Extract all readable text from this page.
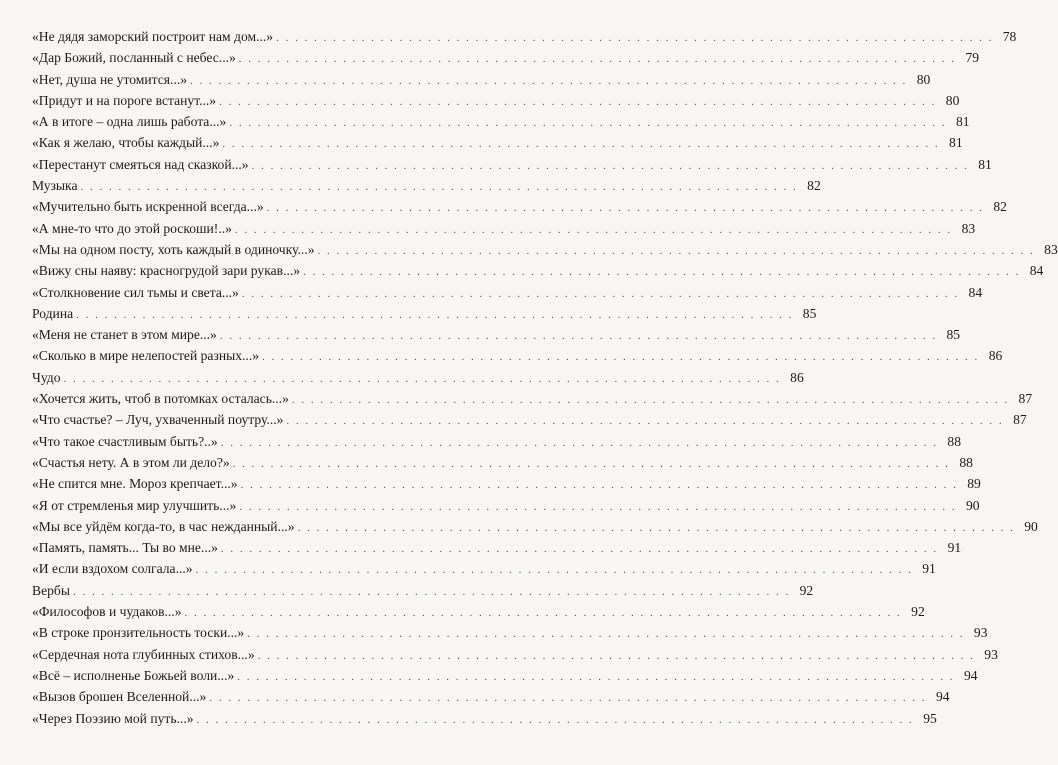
«Не дядя заморский построит нам дом...» . . . . . . . . . . . . . . . . . . . . . . . . . . . . . . . . . . . . . . . . . . . . . . . . . . . . . . . . . . . . . . . . . . . . . . . . . . . . 78
«Дар Божий, посланный с небес...» . . . . . . . . . . . . . . . . . . . . . . . . . . . . . . . . . . . . . . . . . . . . . . . . . . . . . . . . . . . . . . . . . . . . . . . . . . . . 79
«Нет, душа не утомится...» . . . . . . . . . . . . . . . . . . . . . . . . . . . . . . . . . . . . . . . . . . . . . . . . . . . . . . . . . . . . . . . . . . . . . . . . . . . . 80
«Придут и на пороге встанут...» . . . . . . . . . . . . . . . . . . . . . . . . . . . . . . . . . . . . . . . . . . . . . . . . . . . . . . . . . . . . . . . . . . . . . . . . . . . . 80
«А в итоге – одна лишь работа...» . . . . . . . . . . . . . . . . . . . . . . . . . . . . . . . . . . . . . . . . . . . . . . . . . . . . . . . . . . . . . . . . . . . . . . . . . . . . 81
«Как я желаю, чтобы каждый...» . . . . . . . . . . . . . . . . . . . . . . . . . . . . . . . . . . . . . . . . . . . . . . . . . . . . . . . . . . . . . . . . . . . . . . . . . . . . 81
«Перестанут смеяться над сказкой...» . . . . . . . . . . . . . . . . . . . . . . . . . . . . . . . . . . . . . . . . . . . . . . . . . . . . . . . . . . . . . . . . . . . . . . . . . . . . 81
Музыка . . . . . . . . . . . . . . . . . . . . . . . . . . . . . . . . . . . . . . . . . . . . . . . . . . . . . . . . . . . . . . . . . . . . . . . . . . . . 82
«Мучительно быть искренной всегда...» . . . . . . . . . . . . . . . . . . . . . . . . . . . . . . . . . . . . . . . . . . . . . . . . . . . . . . . . . . . . . . . . . . . . . . . . . . . . 82
«А мне-то что до этой роскоши!..» . . . . . . . . . . . . . . . . . . . . . . . . . . . . . . . . . . . . . . . . . . . . . . . . . . . . . . . . . . . . . . . . . . . . . . . . . . . . 83
«Мы на одном посту, хоть каждый в одиночку...» . . . . . . . . . . . . . . . . . . . . . . . . . . . . . . . . . . . . . . . . . . . . . . . . . . . . . . . . . . . . . . . . . . . . . . . . . . . . 83
«Вижу сны наяву: красногрудой зари рукав...» . . . . . . . . . . . . . . . . . . . . . . . . . . . . . . . . . . . . . . . . . . . . . . . . . . . . . . . . . . . . . . . . . . . . . . . . . . . . 84
«Столкновение сил тьмы и света...» . . . . . . . . . . . . . . . . . . . . . . . . . . . . . . . . . . . . . . . . . . . . . . . . . . . . . . . . . . . . . . . . . . . . . . . . . . . . 84
Родина . . . . . . . . . . . . . . . . . . . . . . . . . . . . . . . . . . . . . . . . . . . . . . . . . . . . . . . . . . . . . . . . . . . . . . . . . . . . 85
«Меня не станет в этом мире...» . . . . . . . . . . . . . . . . . . . . . . . . . . . . . . . . . . . . . . . . . . . . . . . . . . . . . . . . . . . . . . . . . . . . . . . . . . . . 85
«Сколько в мире нелепостей разных...» . . . . . . . . . . . . . . . . . . . . . . . . . . . . . . . . . . . . . . . . . . . . . . . . . . . . . . . . . . . . . . . . . . . . . . . . . . . . 86
Чудо . . . . . . . . . . . . . . . . . . . . . . . . . . . . . . . . . . . . . . . . . . . . . . . . . . . . . . . . . . . . . . . . . . . . . . . . . . . . 86
«Хочется жить, чтоб в потомках осталась...» . . . . . . . . . . . . . . . . . . . . . . . . . . . . . . . . . . . . . . . . . . . . . . . . . . . . . . . . . . . . . . . . . . . . . . . . . . . . 87
«Что счастье? – Луч, ухваченный поутру...» . . . . . . . . . . . . . . . . . . . . . . . . . . . . . . . . . . . . . . . . . . . . . . . . . . . . . . . . . . . . . . . . . . . . . . . . . . . . 87
«Что такое счастливым быть?..» . . . . . . . . . . . . . . . . . . . . . . . . . . . . . . . . . . . . . . . . . . . . . . . . . . . . . . . . . . . . . . . . . . . . . . . . . . . . 88
«Счастья нету. А в этом ли дело?» . . . . . . . . . . . . . . . . . . . . . . . . . . . . . . . . . . . . . . . . . . . . . . . . . . . . . . . . . . . . . . . . . . . . . . . . . . . . 88
«Не спится мне. Мороз крепчает...» . . . . . . . . . . . . . . . . . . . . . . . . . . . . . . . . . . . . . . . . . . . . . . . . . . . . . . . . . . . . . . . . . . . . . . . . . . . . 89
«Я от стремленья мир улучшить...» . . . . . . . . . . . . . . . . . . . . . . . . . . . . . . . . . . . . . . . . . . . . . . . . . . . . . . . . . . . . . . . . . . . . . . . . . . . . 90
«Мы все уйдём когда-то, в час нежданный...» . . . . . . . . . . . . . . . . . . . . . . . . . . . . . . . . . . . . . . . . . . . . . . . . . . . . . . . . . . . . . . . . . . . . . . . . . . . . 90
«Память, память... Ты во мне...» . . . . . . . . . . . . . . . . . . . . . . . . . . . . . . . . . . . . . . . . . . . . . . . . . . . . . . . . . . . . . . . . . . . . . . . . . . . . 91
«И если вздохом солгала...» . . . . . . . . . . . . . . . . . . . . . . . . . . . . . . . . . . . . . . . . . . . . . . . . . . . . . . . . . . . . . . . . . . . . . . . . . . . . 91
Вербы . . . . . . . . . . . . . . . . . . . . . . . . . . . . . . . . . . . . . . . . . . . . . . . . . . . . . . . . . . . . . . . . . . . . . . . . . . . . 92
«Философов и чудаков...» . . . . . . . . . . . . . . . . . . . . . . . . . . . . . . . . . . . . . . . . . . . . . . . . . . . . . . . . . . . . . . . . . . . . . . . . . . . . 92
«В строке пронзительность тоски...» . . . . . . . . . . . . . . . . . . . . . . . . . . . . . . . . . . . . . . . . . . . . . . . . . . . . . . . . . . . . . . . . . . . . . . . . . . . . 93
«Сердечная нота глубинных стихов...» . . . . . . . . . . . . . . . . . . . . . . . . . . . . . . . . . . . . . . . . . . . . . . . . . . . . . . . . . . . . . . . . . . . . . . . . . . . . 93
«Всё – исполненье Божьей воли...» . . . . . . . . . . . . . . . . . . . . . . . . . . . . . . . . . . . . . . . . . . . . . . . . . . . . . . . . . . . . . . . . . . . . . . . . . . . . 94
«Вызов брошен Вселенной...» . . . . . . . . . . . . . . . . . . . . . . . . . . . . . . . . . . . . . . . . . . . . . . . . . . . . . . . . . . . . . . . . . . . . . . . . . . . . 94
«Через Поэзию мой путь...» . . . . . . . . . . . . . . . . . . . . . . . . . . . . . . . . . . . . . . . . . . . . . . . . . . . . . . . . . . . . . . . . . . . . . . . . . . . . 95
